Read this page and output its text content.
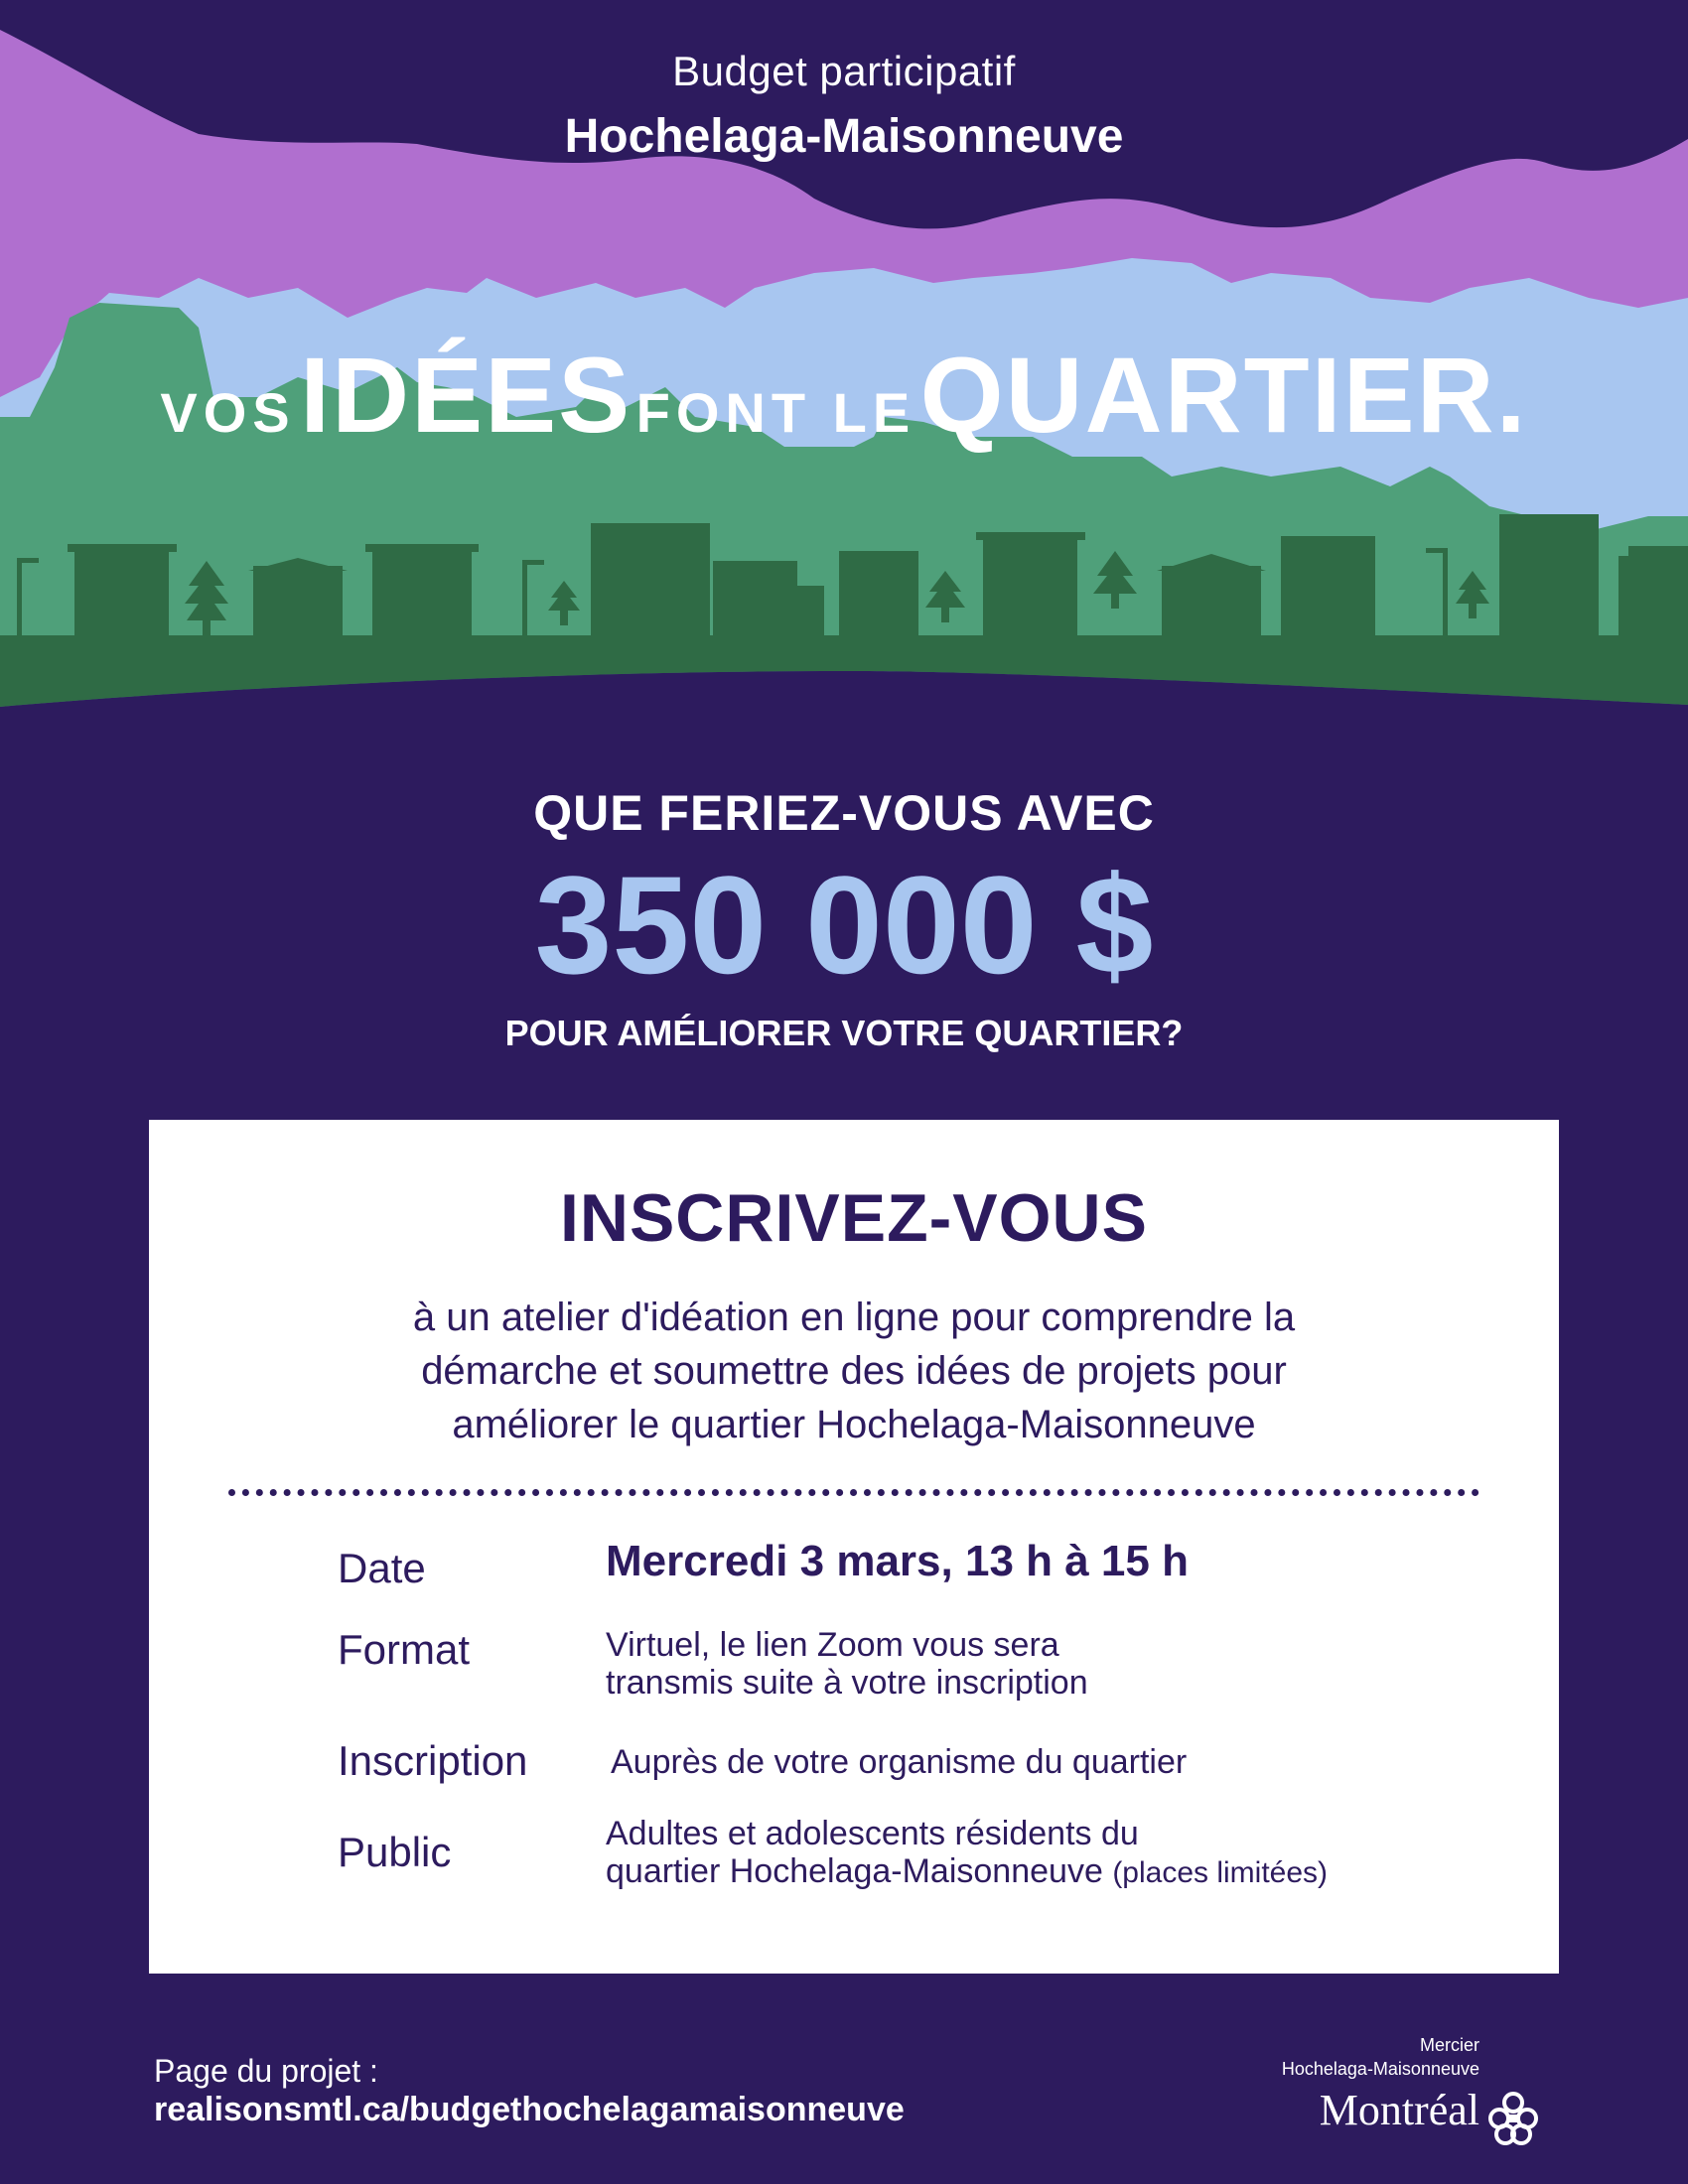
Budget participatif
Hochelaga-Maisonneuve
VOS IDÉES FONT LE QUARTIER.
QUE FERIEZ-VOUS AVEC
350 000 $
POUR AMÉLIORER VOTRE QUARTIER?
INSCRIVEZ-VOUS
à un atelier d'idéation en ligne pour comprendre la
démarche et soumettre des idées de projets pour
améliorer le quartier Hochelaga-Maisonneuve
Date	Mercredi 3 mars, 13 h à 15 h
Format	Virtuel, le lien Zoom vous sera
transmis suite à votre inscription
Inscription Auprès de votre organisme du quartier
Public	Adultes et adolescents résidents du
quartier Hochelaga-Maisonneuve (places limitées)
Page du projet :
realisonsmtl.ca/budgethochelagamaisonneuve
Mercier
Hochelaga-Maisonneuve
Montréal
